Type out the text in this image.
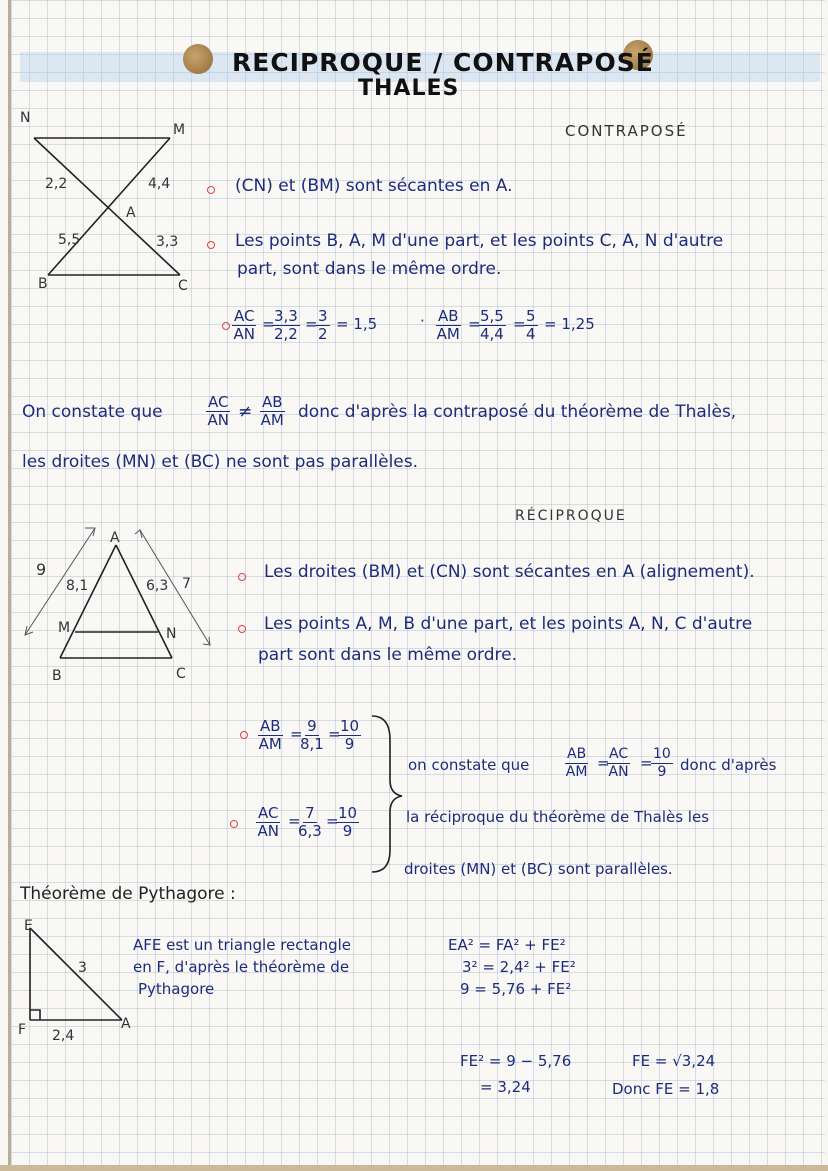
RECIPROQUE / CONTRAPOSÉ
THALES
CONTRAPOSÉ
N
M
A
B	C
2,2	4,4
5,5	3,3
(CN) et (BM) sont sécantes en A.
Les points B, A, M d'une part, et les points C, A, N d'autre
part, sont dans le même ordre.
$\frac{AC}{AN}$ =
$\frac{3,3}{2,2}$ =
$\frac{3}{2} = 1,5$	· $\frac{AB}{AM}$ =
$\frac{5,5}{4,4}$ =
$\frac{5}{4} = 1,25$
On constate que	$\frac{AC}{AN} \ne \frac{AB}{AM}$ donc d'après la contraposé du théorème de Thalès,
les droites (MN) et (BC) ne sont pas parallèles.
RÉCIPROQUE
A
M	N
B	C
9
8,1	6,3 7
Les droites (BM) et (CN) sont sécantes en A (alignement).
Les points A, M, B d'une part, et les points A, N, C d'autre
part sont dans le même ordre.
$\frac{AB}{AM}$ =
$\frac{9}{8,1}$ =
$\frac{10}{9}$
$\frac{AC}{AN}$ =
$\frac{7}{6,3}$ =
$\frac{10}{9}$
on constate que	$\frac{AB}{AM}$ =
$\frac{AC}{AN}$ =
$\frac{10}{9}$ donc d'après
la réciproque du théorème de Thalès les
droites (MN) et (BC) sont parallèles.
Théorème de Pythagore :
E
F	A
3
2,4
AFE est un triangle rectangle
en F, d'après le théorème de
Pythagore
EA² = FA² + FE²
3² = 2,4² + FE²
9 = 5,76 + FE²
FE² = 9 − 5,76
= 3,24
FE = √3,24
Donc FE = 1,8
